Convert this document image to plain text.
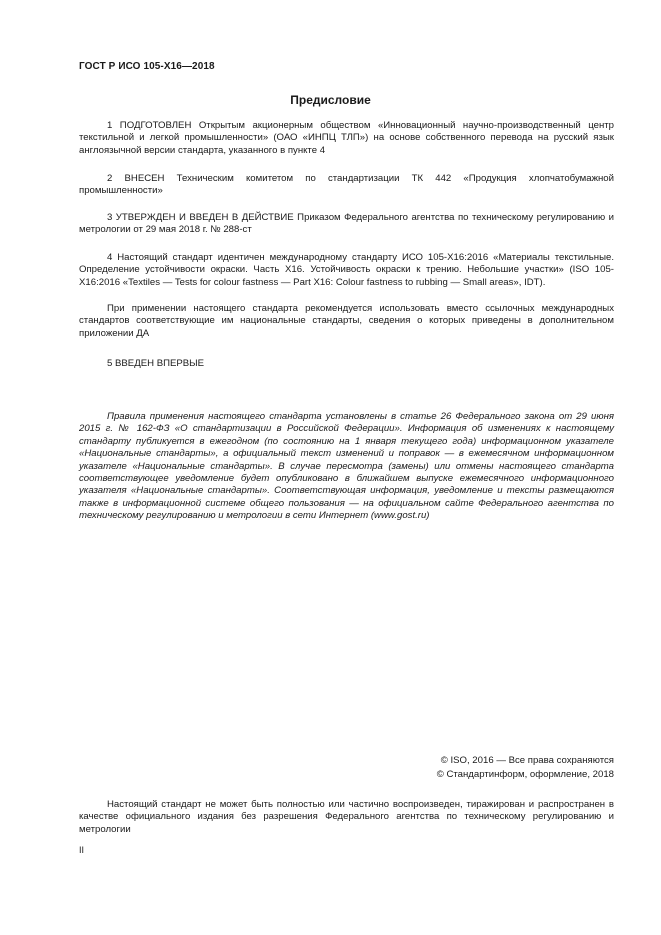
ГОСТ Р ИСО 105-Х16—2018
Предисловие

1 ПОДГОТОВЛЕН Открытым акционерным обществом «Инновационный научно-производственный центр текстильной и легкой промышленности» (ОАО «ИНПЦ ТЛП») на основе собственного перевода на русский язык англоязычной версии стандарта, указанного в пункте 4

2 ВНЕСЕН Техническим комитетом по стандартизации ТК 442 «Продукция хлопчатобумажной промышленности»

3 УТВЕРЖДЕН И ВВЕДЕН В ДЕЙСТВИЕ Приказом Федерального агентства по техническому регулированию и метрологии от 29 мая 2018 г. № 288-ст

4 Настоящий стандарт идентичен международному стандарту ИСО 105-Х16:2016 «Материалы текстильные. Определение устойчивости окраски. Часть Х16. Устойчивость окраски к трению. Небольшие участки» (ISO 105-X16:2016 «Textiles — Tests for colour fastness — Part X16: Colour fastness to rubbing — Small areas», IDT).

При применении настоящего стандарта рекомендуется использовать вместо ссылочных международных стандартов соответствующие им национальные стандарты, сведения о которых приведены в дополнительном приложении ДА

5 ВВЕДЕН ВПЕРВЫЕ

Правила применения настоящего стандарта установлены в статье 26 Федерального закона от 29 июня 2015 г. № 162-ФЗ «О стандартизации в Российской Федерации». Информация об изменениях к настоящему стандарту публикуется в ежегодном (по состоянию на 1 января текущего года) информационном указателе «Национальные стандарты», а официальный текст изменений и поправок — в ежемесячном информационном указателе «Национальные стандарты». В случае пересмотра (замены) или отмены настоящего стандарта соответствующее уведомление будет опубликовано в ближайшем выпуске ежемесячного информационного указателя «Национальные стандарты». Соответствующая информация, уведомление и тексты размещаются также в информационной системе общего пользования — на официальном сайте Федерального агентства по техническому регулированию и метрологии в сети Интернет (www.gost.ru)

© ISO, 2016 — Все права сохраняются
© Стандартинформ, оформление, 2018

Настоящий стандарт не может быть полностью или частично воспроизведен, тиражирован и распространен в качестве официального издания без разрешения Федерального агентства по техническому регулированию и метрологии

II
